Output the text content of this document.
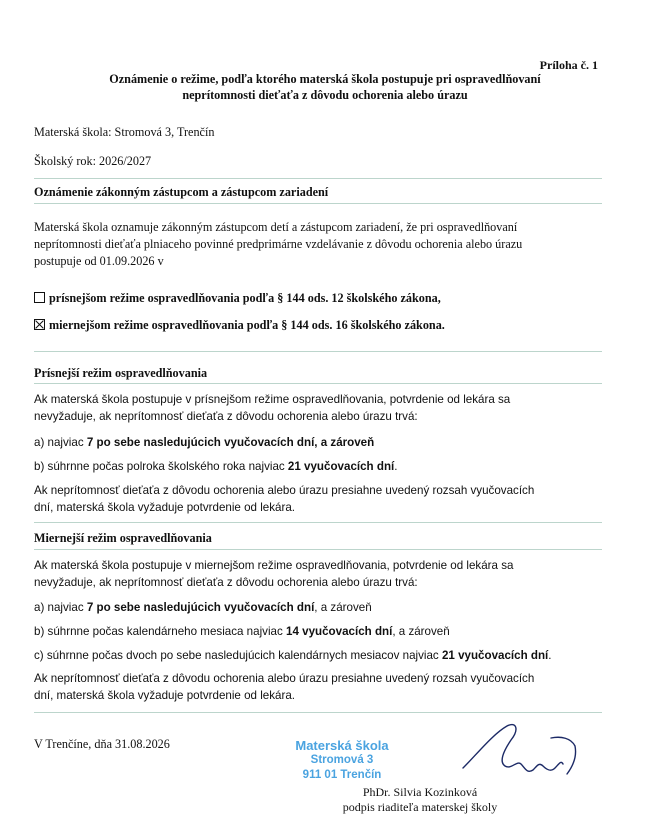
Príloha č. 1
Oznámenie o režime, podľa ktorého materská škola postupuje pri ospravedlňovaní
neprítomnosti dieťaťa z dôvodu ochorenia alebo úrazu
Materská škola: Stromová 3, Trenčín
Školský rok: 2026/2027
Oznámenie zákonným zástupcom a zástupcom zariadení
Materská škola oznamuje zákonným zástupcom detí a zástupcom zariadení, že pri ospravedlňovaní
neprítomnosti dieťaťa plniaceho povinné predprimárne vzdelávanie z dôvodu ochorenia alebo úrazu
postupuje od 01.09.2026 v
prísnejšom režime ospravedlňovania podľa § 144 ods. 12 školského zákona,
miernejšom režime ospravedlňovania podľa § 144 ods. 16 školského zákona.
Prísnejší režim ospravedlňovania
Ak materská škola postupuje v prísnejšom režime ospravedlňovania, potvrdenie od lekára sa
nevyžaduje, ak neprítomnosť dieťaťa z dôvodu ochorenia alebo úrazu trvá:
a) najviac 7 po sebe nasledujúcich vyučovacích dní, a zároveň
b) súhrnne počas polroka školského roka najviac 21 vyučovacích dní.
Ak neprítomnosť dieťaťa z dôvodu ochorenia alebo úrazu presiahne uvedený rozsah vyučovacích
dní, materská škola vyžaduje potvrdenie od lekára.
Miernejší režim ospravedlňovania
Ak materská škola postupuje v miernejšom režime ospravedlňovania, potvrdenie od lekára sa
nevyžaduje, ak neprítomnosť dieťaťa z dôvodu ochorenia alebo úrazu trvá:
a) najviac 7 po sebe nasledujúcich vyučovacích dní, a zároveň
b) súhrnne počas kalendárneho mesiaca najviac 14 vyučovacích dní, a zároveň
c) súhrnne počas dvoch po sebe nasledujúcich kalendárnych mesiacov najviac 21 vyučovacích dní.
Ak neprítomnosť dieťaťa z dôvodu ochorenia alebo úrazu presiahne uvedený rozsah vyučovacích
dní, materská škola vyžaduje potvrdenie od lekára.
V Trenčíne, dňa 31.08.2026	Materská škola
Stromová 3
911 01 Trenčín
PhDr. Silvia Kozinková
podpis riaditeľa materskej školy
